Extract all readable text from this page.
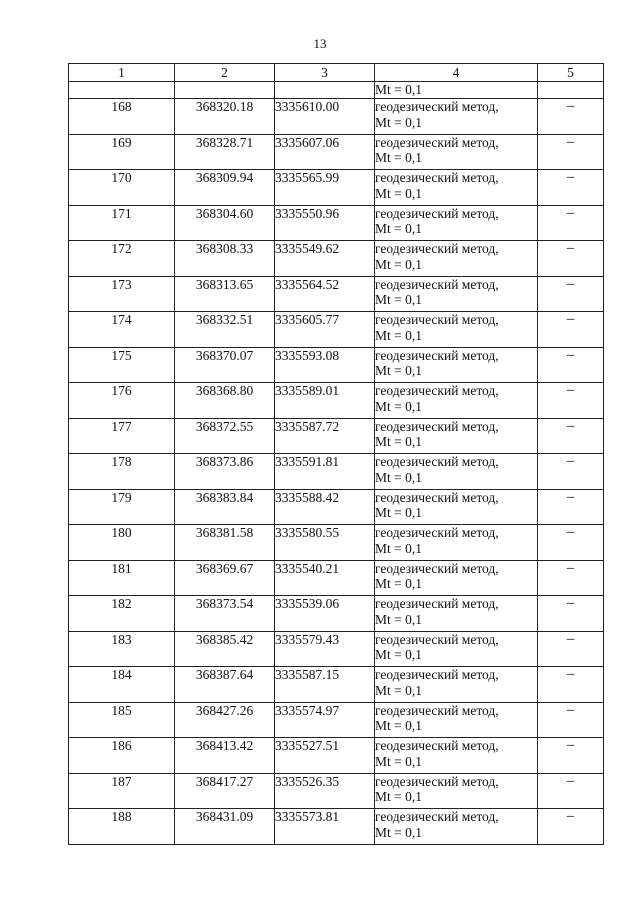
13
1	2	3	4	5
			Mt = 0,1	
168	368320.18	3335610.00	геодезический метод,
Mt = 0,1	–
169	368328.71	3335607.06	геодезический метод,
Mt = 0,1	–
170	368309.94	3335565.99	геодезический метод,
Mt = 0,1	–
171	368304.60	3335550.96	геодезический метод,
Mt = 0,1	–
172	368308.33	3335549.62	геодезический метод,
Mt = 0,1	–
173	368313.65	3335564.52	геодезический метод,
Mt = 0,1	–
174	368332.51	3335605.77	геодезический метод,
Mt = 0,1	–
175	368370.07	3335593.08	геодезический метод,
Mt = 0,1	–
176	368368.80	3335589.01	геодезический метод,
Mt = 0,1	–
177	368372.55	3335587.72	геодезический метод,
Mt = 0,1	–
178	368373.86	3335591.81	геодезический метод,
Mt = 0,1	–
179	368383.84	3335588.42	геодезический метод,
Mt = 0,1	–
180	368381.58	3335580.55	геодезический метод,
Mt = 0,1	–
181	368369.67	3335540.21	геодезический метод,
Mt = 0,1	–
182	368373.54	3335539.06	геодезический метод,
Mt = 0,1	–
183	368385.42	3335579.43	геодезический метод,
Mt = 0,1	–
184	368387.64	3335587.15	геодезический метод,
Mt = 0,1	–
185	368427.26	3335574.97	геодезический метод,
Mt = 0,1	–
186	368413.42	3335527.51	геодезический метод,
Mt = 0,1	–
187	368417.27	3335526.35	геодезический метод,
Mt = 0,1	–
188	368431.09	3335573.81	геодезический метод,
Mt = 0,1	–
